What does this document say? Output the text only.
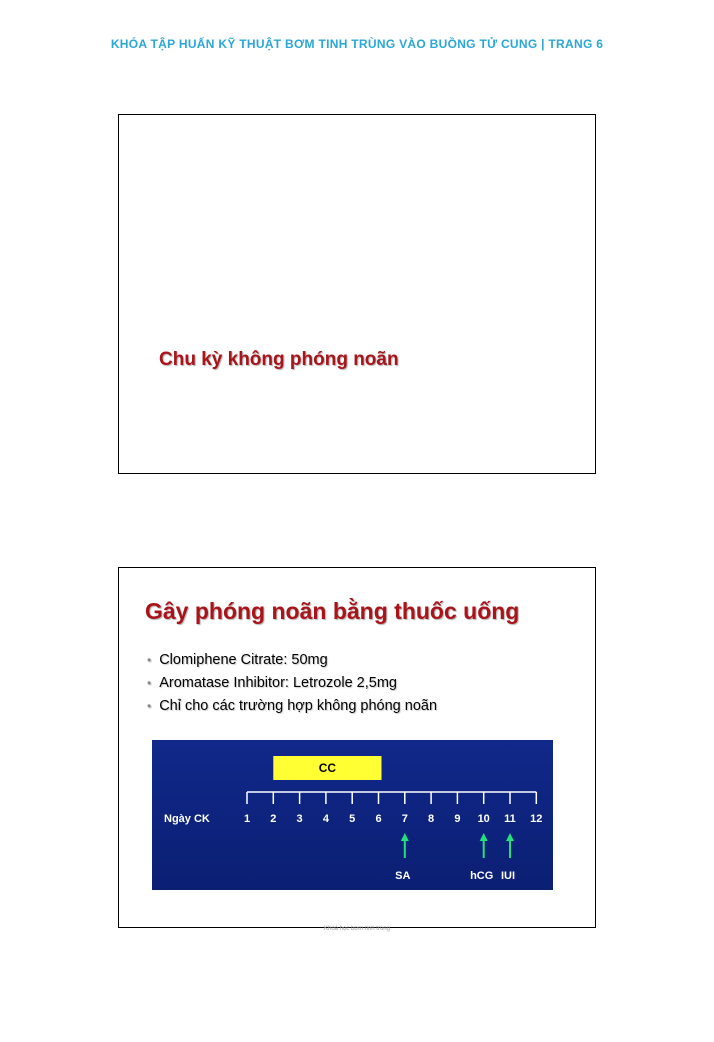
KHÓA TẬP HUẤN KỸ THUẬT BƠM TINH TRÙNG VÀO BUỒNG TỬ CUNG | TRANG 6
Chu kỳ không phóng noãn
Gây phóng noãn bằng thuốc uống
• Clomiphene Citrate: 50mg
• Aromatase Inhibitor: Letrozole 2,5mg
• Chỉ cho các trường hợp không phóng noãn
CC
1 2 3 4 5 6 7 8 9 10 11 12
Ngày CK
SA	hCG IUI
Khoá học bơm tinh trùng
